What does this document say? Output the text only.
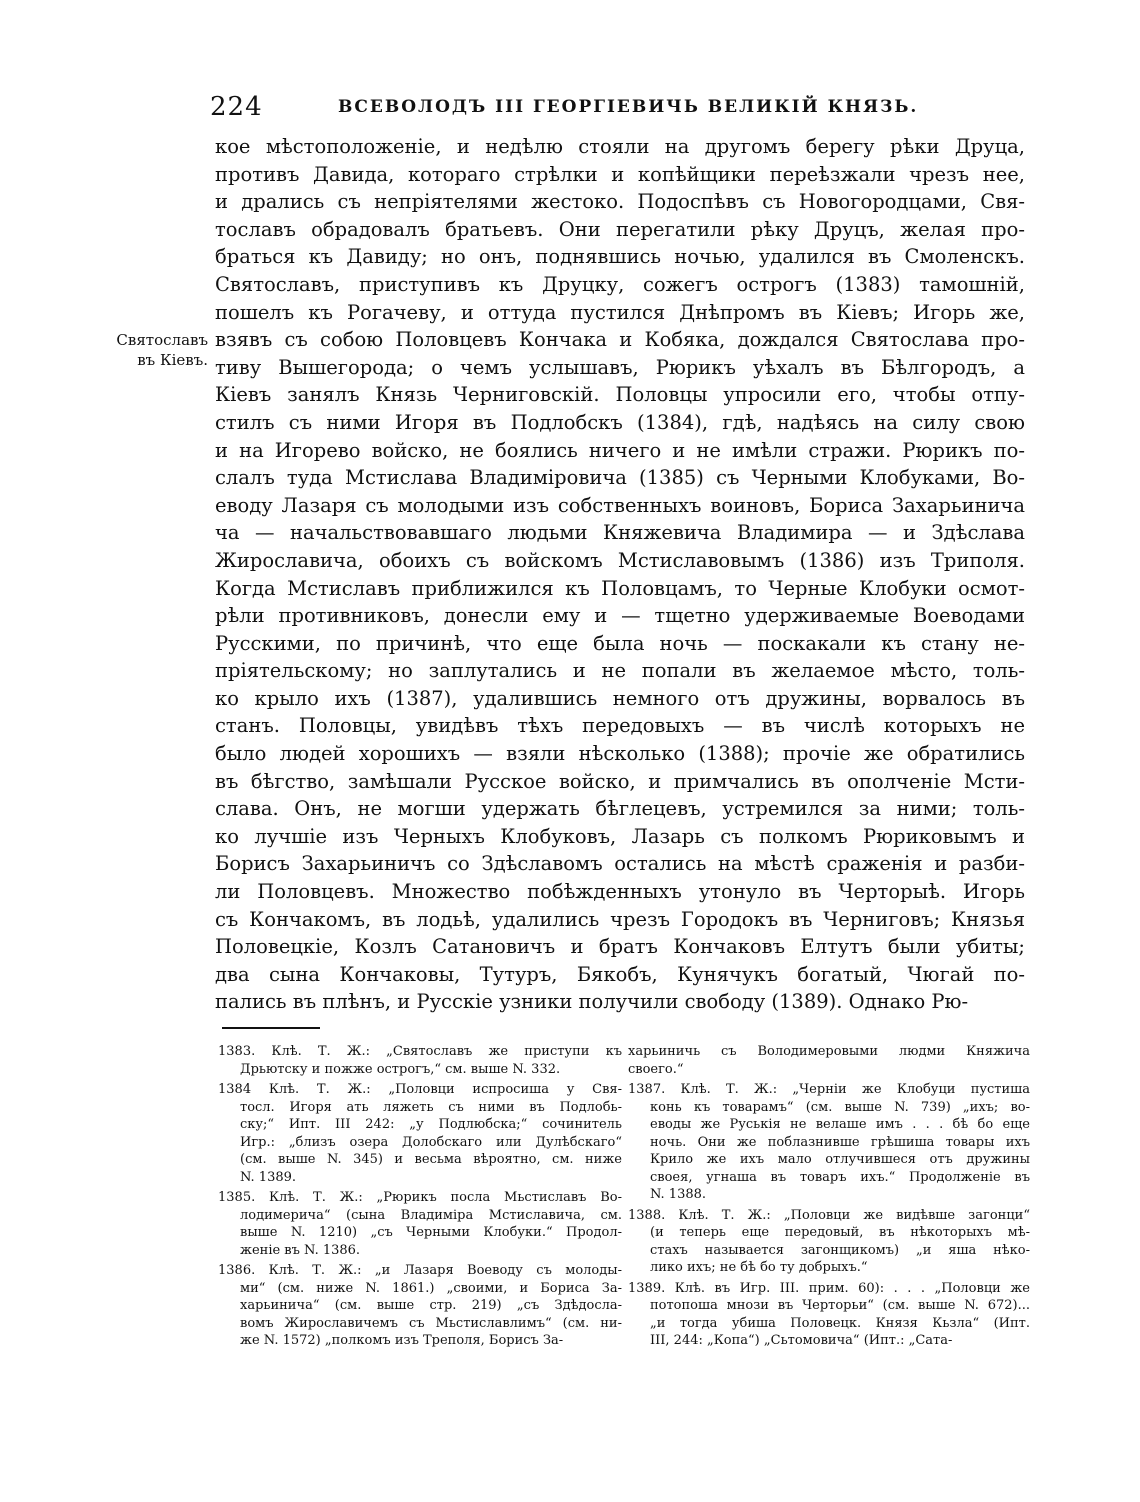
224	ВСЕВОЛОДЪ III ГЕОРГІЕВИЧЬ ВЕЛИКІЙ КНЯЗЬ.
Святославъ
въ Кіевъ.
кое мѣстоположеніе, и недѣлю стояли на другомъ берегу рѣки Друца,
противъ Давида, котораго стрѣлки и копѣйщики переѣзжали чрезъ нее,
и дрались съ непріятелями жестоко. Подоспѣвъ съ Новогородцами, Свя-
тославъ обрадовалъ братьевъ. Они перегатили рѣку Друцъ, желая про-
браться къ Давиду; но онъ, поднявшись ночью, удалился въ Смоленскъ.
Святославъ, приступивъ къ Друцку, сожегъ острогъ (1383) тамошній,
пошелъ къ Рогачеву, и оттуда пустился Днѣпромъ въ Кіевъ; Игорь же,
взявъ съ собою Половцевъ Кончака и Кобяка, дождался Святослава про-
тиву Вышегорода; о чемъ услышавъ, Рюрикъ уѣхалъ въ Бѣлгородъ, а
Кіевъ занялъ Князь Черниговскій. Половцы упросили его, чтобы отпу-
стилъ съ ними Игоря въ Подлобскъ (1384), гдѣ, надѣясь на силу свою
и на Игорево войско, не боялись ничего и не имѣли стражи. Рюрикъ по-
слалъ туда Мстислава Владиміровича (1385) съ Черными Клобуками, Во-
еводу Лазаря съ молодыми изъ собственныхъ воиновъ, Бориса Захарьинича
ча — начальствовавшаго людьми Княжевича Владимира — и Здѣслава
Жирославича, обоихъ съ войскомъ Мстиславовымъ (1386) изъ Триполя.
Когда Мстиславъ приближился къ Половцамъ, то Черные Клобуки осмот-
рѣли противниковъ, донесли ему и — тщетно удерживаемые Воеводами
Русскими, по причинѣ, что еще была ночь — поскакали къ стану не-
пріятельскому; но заплутались и не попали въ желаемое мѣсто, толь-
ко крыло ихъ (1387), удалившись немного отъ дружины, ворвалось въ
станъ. Половцы, увидѣвъ тѣхъ передовыхъ — въ числѣ которыхъ не
было людей хорошихъ — взяли нѣсколько (1388); прочіе же обратились
въ бѣгство, замѣшали Русское войско, и примчались въ ополченіе Мсти-
слава. Онъ, не могши удержать бѣглецевъ, устремился за ними; толь-
ко лучшіе изъ Черныхъ Клобуковъ, Лазарь съ полкомъ Рюриковымъ и
Борисъ Захарьиничъ со Здѣславомъ остались на мѣстѣ сраженія и разби-
ли Половцевъ. Множество побѣжденныхъ утонуло въ Черторыѣ. Игорь
съ Кончакомъ, въ лодьѣ, удалились чрезъ Городокъ въ Черниговъ; Князья
Половецкіе, Козлъ Сатановичъ и братъ Кончаковъ Елтутъ были убиты;
два сына Кончаковы, Тутуръ, Бякобъ, Кунячукъ богатый, Чюгай по-
пались въ плѣнъ, и Русскіе узники получили свободу (1389). Однако Рю-
1383. Клѣ. Т. Ж.: „Святославъ же приступи къ
Дрьютску и пожже острогъ,“ см. выше N. 332.
1384 Клѣ. Т. Ж.: „Половци испросиша у Свя-
тосл. Игоря ать ляжеть съ ними въ Подлобь-
ску;“ Ипт. III 242: „у Подлюбска;“ сочинитель
Игр.: „близъ озера Долобскаго или Дулѣбскаго“
(см. выше N. 345) и весьма вѣроятно, см. ниже
N. 1389.
1385. Клѣ. Т. Ж.: „Рюрикъ посла Мьстиславъ Во-
лодимерича“ (сына Владиміра Мстиславича, см.
выше N. 1210) „съ Черными Клобуки.“ Продол-
женіе въ N. 1386.
1386. Клѣ. Т. Ж.: „и Лазаря Воеводу съ молоды-
ми“ (см. ниже N. 1861.) „своими, и Бориса За-
харьинича“ (см. выше стр. 219) „съ Здѣдосла-
вомъ Жирославичемъ съ Мьстиславлимъ“ (см. ни-
же N. 1572) „полкомъ изъ Треполя, Борисъ За-
харьиничь съ Володимеровыми людми Княжича
своего.“
1387. Клѣ. Т. Ж.: „Черніи же Клобуци пустиша
конь къ товарамъ“ (см. выше N. 739) „ихъ; во-
еводы же Руськія не велаше имъ . . . бѣ бо еще
ночь. Они же поблазнивше грѣшиша товары ихъ
Крило же ихъ мало отлучившеся отъ дружины
своея, угнаша въ товаръ ихъ.“ Продолженіе въ
N. 1388.
1388. Клѣ. Т. Ж.: „Половци же видѣвше загонци“
(и теперь еще передовый, въ нѣкоторыхъ мѣ-
стахъ называется загонщикомъ) „и яша нѣко-
лико ихъ; не бѣ бо ту добрыхъ.“
1389. Клѣ. въ Игр. III. прим. 60): . . . „Половци же
потопоша мнози въ Черторьи“ (см. выше N. 672)...
„и тогда убиша Половецк. Князя Кьзла“ (Ипт.
III, 244: „Копа“) „Сьтомовича“ (Ипт.: „Сата-
